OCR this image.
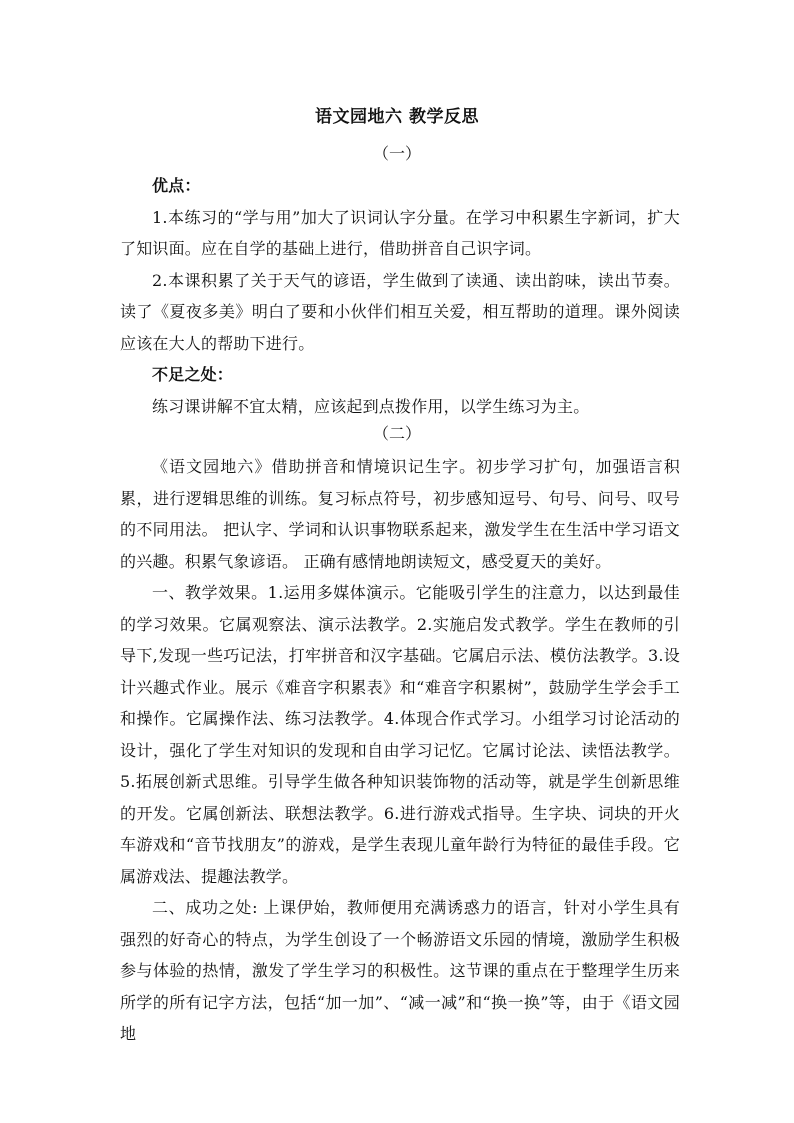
语文园地六 教学反思
（一）

优点：

1.本练习的“学与用”加大了识词认字分量。在学习中积累生字新词，扩大了知识面。应在自学的基础上进行，借助拼音自己识字词。

2.本课积累了关于天气的谚语，学生做到了读通、读出韵味，读出节奏。读了《夏夜多美》明白了要和小伙伴们相互关爱，相互帮助的道理。课外阅读应该在大人的帮助下进行。

不足之处：

练习课讲解不宜太精，应该起到点拨作用，以学生练习为主。

（二）

《语文园地六》借助拼音和情境识记生字。初步学习扩句，加强语言积累，进行逻辑思维的训练。复习标点符号，初步感知逗号、句号、问号、叹号的不同用法。 把认字、学词和认识事物联系起来，激发学生在生活中学习语文的兴趣。积累气象谚语。 正确有感情地朗读短文，感受夏天的美好。

一、教学效果。1.运用多媒体演示。它能吸引学生的注意力，以达到最佳的学习效果。它属观察法、演示法教学。2.实施启发式教学。学生在教师的引导下,发现一些巧记法，打牢拼音和汉字基础。它属启示法、模仿法教学。3.设计兴趣式作业。展示《难音字积累表》和“难音字积累树”，鼓励学生学会手工和操作。它属操作法、练习法教学。4.体现合作式学习。小组学习讨论活动的设计，强化了学生对知识的发现和自由学习记忆。它属讨论法、读悟法教学。5.拓展创新式思维。引导学生做各种知识装饰物的活动等，就是学生创新思维的开发。它属创新法、联想法教学。6.进行游戏式指导。生字块、词块的开火车游戏和“音节找朋友”的游戏，是学生表现儿童年龄行为特征的最佳手段。它属游戏法、提趣法教学。

二、成功之处: 上课伊始，教师便用充满诱惑力的语言，针对小学生具有强烈的好奇心的特点，为学生创设了一个畅游语文乐园的情境，激励学生积极参与体验的热情，激发了学生学习的积极性。这节课的重点在于整理学生历来所学的所有记字方法，包括“加一加”、“减一减”和“换一换”等，由于《语文园地
